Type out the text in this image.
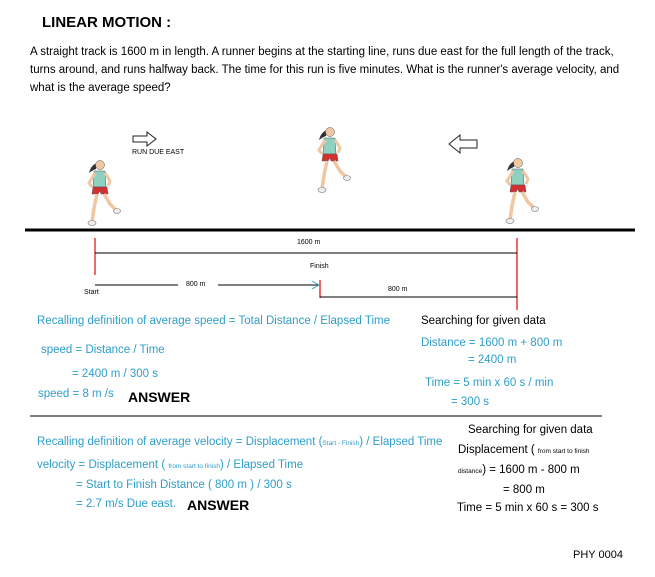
LINEAR MOTION :
A straight track is 1600 m in length. A runner begins at the starting line, runs due east for the full length of the track, turns around, and runs halfway back. The time for this run is five minutes. What is the runner's average velocity, and what is the average speed?
RUN DUE EAST
1600 m
Finish
Start
800 m
800 m
Recalling definition of average speed = Total Distance / Elapsed Time
speed = Distance / Time
= 2400 m / 300 s
speed = 8 m /s ANSWER
Searching for given data
Distance = 1600 m + 800 m
= 2400 m
Time = 5 min x 60 s / min
= 300 s
Recalling definition of average velocity = Displacement (Start - Finish) / Elapsed Time
velocity = Displacement ( from start to finish) / Elapsed Time
= Start to Finish Distance ( 800 m ) / 300 s
= 2.7 m/s Due east. ANSWER
Searching for given data
Displacement ( from start to finish
distance) = 1600 m - 800 m
= 800 m
Time = 5 min x 60 s = 300 s
PHY 0004
